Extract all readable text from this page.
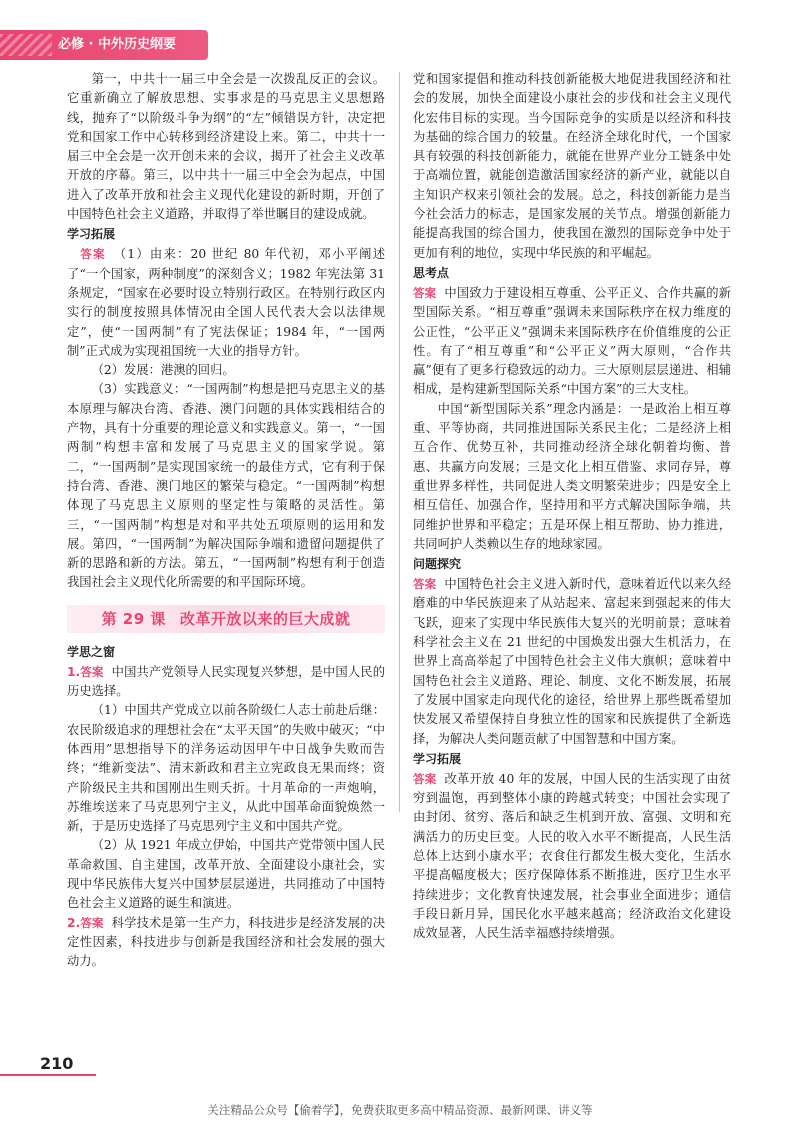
必修 · 中外历史纲要（上）

第一，中共十一届三中全会是一次拨乱反正的会议。它重新确立了解放思想、实事求是的马克思主义思想路线，抛弃了“以阶级斗争为纲”的“左”倾错误方针，决定把党和国家工作中心转移到经济建设上来。第二，中共十一届三中全会是一次开创未来的会议，揭开了社会主义改革开放的序幕。第三，以中共十一届三中全会为起点，中国进入了改革开放和社会主义现代化建设的新时期，开创了中国特色社会主义道路，并取得了举世瞩目的建设成就。

学习拓展

答案 （1）由来：20 世纪 80 年代初，邓小平阐述了“一个国家，两种制度”的深刻含义；1982 年宪法第 31 条规定，“国家在必要时设立特别行政区。在特别行政区内实行的制度按照具体情况由全国人民代表大会以法律规定”，使“一国两制”有了宪法保证；1984 年，“一国两制”正式成为实现祖国统一大业的指导方针。

（2）发展：港澳的回归。

（3）实践意义：“一国两制”构想是把马克思主义的基本原理与解决台湾、香港、澳门问题的具体实践相结合的产物，具有十分重要的理论意义和实践意义。第一，“一国两制”构想丰富和发展了马克思主义的国家学说。第二，“一国两制”是实现国家统一的最佳方式，它有利于保持台湾、香港、澳门地区的繁荣与稳定。“一国两制”构想体现了马克思主义原则的坚定性与策略的灵活性。第三，“一国两制”构想是对和平共处五项原则的运用和发展。第四，“一国两制”为解决国际争端和遗留问题提供了新的思路和新的方法。第五，“一国两制”构想有利于创造我国社会主义现代化所需要的和平国际环境。

第 29 课 改革开放以来的巨大成就
学思之窗

1.答案 中国共产党领导人民实现复兴梦想，是中国人民的历史选择。

（1）中国共产党成立以前各阶级仁人志士前赴后继：农民阶级追求的理想社会在“太平天国”的失败中破灭；“中体西用”思想指导下的洋务运动因甲午中日战争失败而告终；“维新变法”、清末新政和君主立宪政良无果而终；资产阶级民主共和国刚出生则夭折。十月革命的一声炮响，苏维埃送来了马克思列宁主义，从此中国革命面貌焕然一新，于是历史选择了马克思列宁主义和中国共产党。

（2）从 1921 年成立伊始，中国共产党带领中国人民革命救国、自主建国，改革开放、全面建设小康社会，实现中华民族伟大复兴中国梦层层递进，共同推动了中国特色社会主义道路的诞生和演进。

2.答案 科学技术是第一生产力，科技进步是经济发展的决定性因素，科技进步与创新是我国经济和社会发展的强大动力。

党和国家提倡和推动科技创新能极大地促进我国经济和社会的发展，加快全面建设小康社会的步伐和社会主义现代化宏伟目标的实现。当今国际竞争的实质是以经济和科技为基础的综合国力的较量。在经济全球化时代，一个国家具有较强的科技创新能力，就能在世界产业分工链条中处于高端位置，就能创造激活国家经济的新产业，就能以自主知识产权来引领社会的发展。总之，科技创新能力是当今社会活力的标志，是国家发展的关节点。增强创新能力能提高我国的综合国力，使我国在激烈的国际竞争中处于更加有利的地位，实现中华民族的和平崛起。

思考点

答案 中国致力于建设相互尊重、公平正义、合作共赢的新型国际关系。“相互尊重”强调未来国际秩序在权力维度的公正性，“公平正义”强调未来国际秩序在价值维度的公正性。有了“相互尊重”和“公平正义”两大原则，“合作共赢”便有了更多行稳致远的动力。三大原则层层递进、相辅相成，是构建新型国际关系“中国方案”的三大支柱。

中国“新型国际关系”理念内涵是：一是政治上相互尊重、平等协商，共同推进国际关系民主化；二是经济上相互合作、优势互补，共同推动经济全球化朝着均衡、普惠、共赢方向发展；三是文化上相互借鉴、求同存异，尊重世界多样性，共同促进人类文明繁荣进步；四是安全上相互信任、加强合作，坚持用和平方式解决国际争端，共同维护世界和平稳定；五是环保上相互帮助、协力推进，共同呵护人类赖以生存的地球家园。

问题探究

答案 中国特色社会主义进入新时代，意味着近代以来久经磨难的中华民族迎来了从站起来、富起来到强起来的伟大飞跃，迎来了实现中华民族伟大复兴的光明前景；意味着科学社会主义在 21 世纪的中国焕发出强大生机活力，在世界上高高举起了中国特色社会主义伟大旗帜；意味着中国特色社会主义道路、理论、制度、文化不断发展，拓展了发展中国家走向现代化的途径，给世界上那些既希望加快发展又希望保持自身独立性的国家和民族提供了全新选择，为解决人类问题贡献了中国智慧和中国方案。

学习拓展

答案 改革开放 40 年的发展，中国人民的生活实现了由贫穷到温饱，再到整体小康的跨越式转变；中国社会实现了由封闭、贫穷、落后和缺乏生机到开放、富强、文明和充满活力的历史巨变。人民的收入水平不断提高，人民生活总体上达到小康水平；衣食住行都发生极大变化，生活水平提高幅度极大；医疗保障体系不断推进，医疗卫生水平持续进步；文化教育快速发展，社会事业全面进步；通信手段日新月异，国民化水平越来越高；经济政治文化建设成效显著，人民生活幸福感持续增强。

210
关注精品公众号【偷着学】，免费获取更多高中精品资源、最新网课、讲义等
